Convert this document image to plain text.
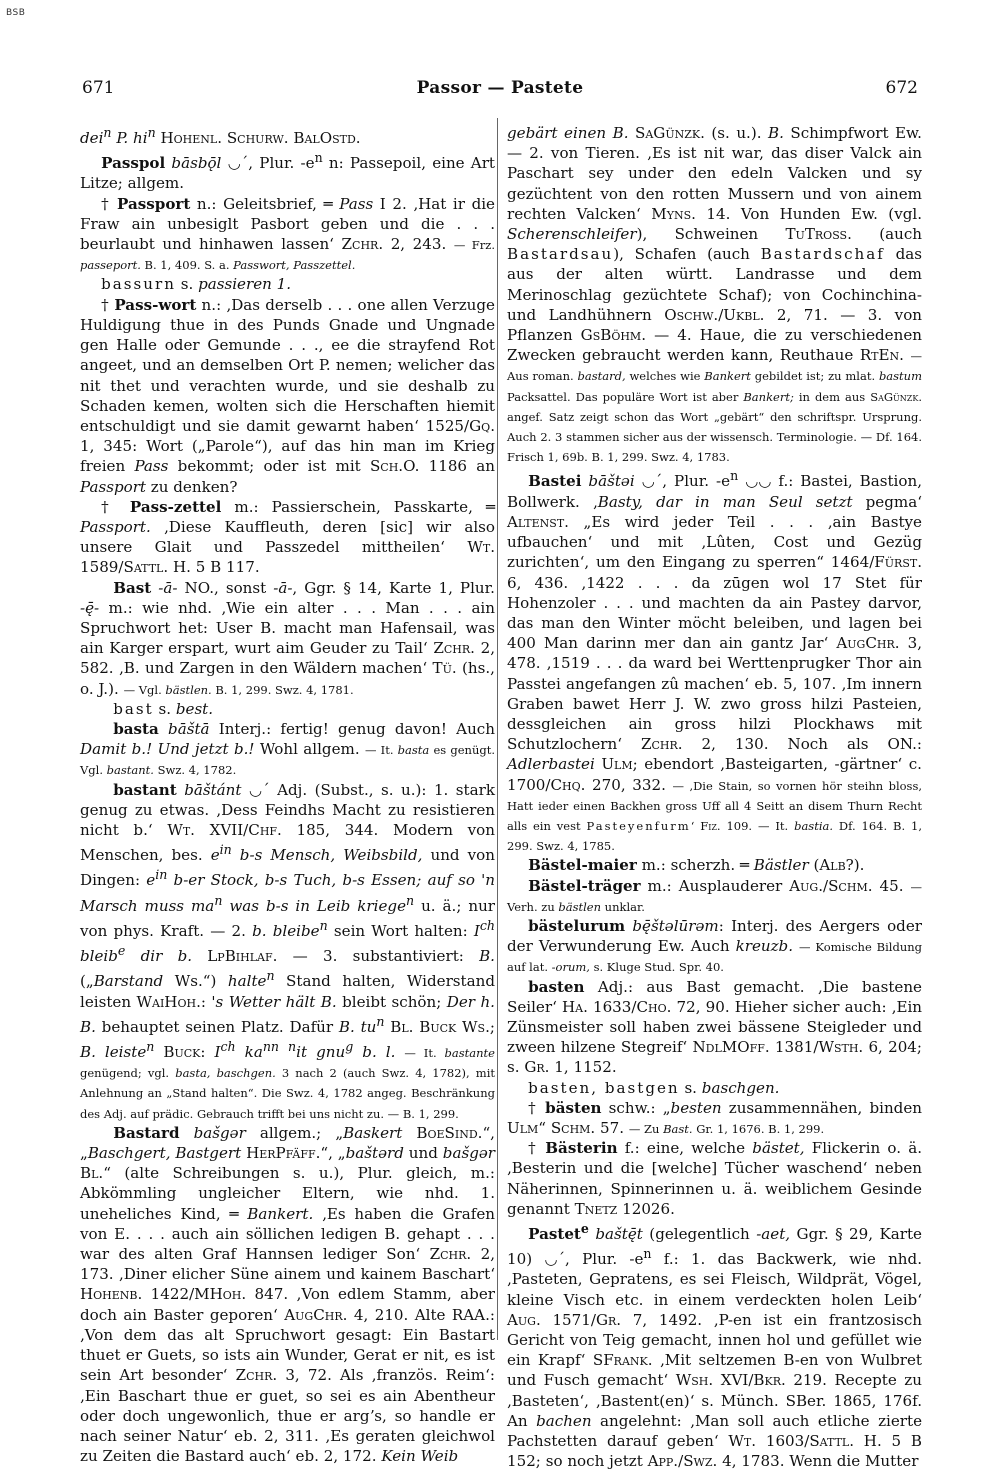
BSB
671	Passor — Pastete	672

dei$^n$ P. $hi^n$ Hohenl. Schurw. BalOstd.

Passpol bāsbǭl ◡´, Plur. $-e^n$ n: Passepoil, eine Art Litze; allgem.

† Passport n.: Geleitsbrief, ═ Pass I 2. ‚Hat ir die Fraw ain unbesiglt Pasbort geben und die . . . beurlaubt und hinhawen lassen‘ Zchr. 2, 243. — Frz. passeport. B. 1, 409. S. a. Passwort, Passzettel.

bassurn s. passieren 1.

† Pass-wort n.: ‚Das derselb . . . one allen Verzuge Huldigung thue in des Punds Gnade und Ungnade gen Halle oder Gemunde . . ., ee die strayfend Rot angeet, und an demselben Ort P. nemen; welicher das nit thet und verachten wurde, und sie deshalb zu Schaden kemen, wolten sich die Herschaften hiemit entschuldigt und sie damit gewarnt haben‘ 1525/Gq. 1, 345: Wort („Parole“), auf das hin man im Krieg freien Pass bekommt; oder ist mit Sch.O. 1186 an Passport zu denken?

† Pass-zettel m.: Passierschein, Passkarte, ═ Passport. ‚Diese Kauffleuth, deren [sic] wir also unsere Glait und Passzedel mittheilen‘ Wt. 1589/Sattl. H. 5 B 117.

Bast -ā- NO., sonst -ā-, Ggr. § 14, Karte 1, Plur. -ę̄- m.: wie nhd. ‚Wie ein alter . . . Man . . . ain Spruchwort het: User B. macht man Hafensail, was ain Karger erspart, wurt aim Geuder zu Tail‘ Zchr. 2, 582. ‚B. und Zargen in den Wäldern machen‘ Tü. (hs., o. J.). — Vgl. bästlen. B. 1, 299. Swz. 4, 1781.

bast s. best.

basta bāštā Interj.: fertig! genug davon! Auch Damit b.! Und jetzt b.! Wohl allgem. — It. basta es genügt. Vgl. bastant. Swz. 4, 1782.

bastant bāštánt ◡´ Adj. (Subst., s. u.): 1. stark genug zu etwas. ‚Dess Feindhs Macht zu resistieren nicht b.‘ Wt. XVII/Chf. 185, 344. Modern von Menschen, bes. $e^{in}$ b-s Mensch, Weibsbild, und von Dingen: $e^{in}$ b-er Stock, b-s Tuch, b-s Essen; auf so 'n Marsch muss $ma^n$ was b-s in Leib kriege$^n$ u. ä.; nur von phys. Kraft. — 2. b. bleibe$^n$ sein Wort halten: $I^{ch}$ bleib$^e$ dir b. LpBihlaf. — 3. substantiviert: B. („Barstand Ws.“) halte$^n$ Stand halten, Widerstand leisten WaiHoh.: 's Wetter hält B. bleibt schön; Der h. B. behauptet seinen Platz. Dafür B. $tu^n$ Bl. Buck Ws.; B. leiste$^n$ Buck: $I^{ch}$ $ka^{nn}$ $^n$it gnu$^g$ b. l. — It. bastante genügend; vgl. basta, baschgen. 3 nach 2 (auch Swz. 4, 1782), mit Anlehnung an „Stand halten“. Die Swz. 4, 1782 angeg. Beschränkung des Adj. auf prädic. Gebrauch trifft bei uns nicht zu. — B. 1, 299.

Bastard bašgər allgem.; „Baskert BoeSind.“, „Baschgert, Bastgert HerPfäff.“, „baštərd und bašgər Bl.“ (alte Schreibungen s. u.), Plur. gleich, m.: Abkömmling ungleicher Eltern, wie nhd. 1. uneheliches Kind, ═ Bankert. ‚Es haben die Grafen von E. . . . auch ain söllichen ledigen B. gehapt . . . war des alten Graf Hannsen lediger Son‘ Zchr. 2, 173. ‚Diner elicher Süne ainem und kainem Baschart‘ Hohenb. 1422/MHoh. 847. ‚Von edlem Stamm, aber doch ain Baster geporen‘ AugChr. 4, 210. Alte RAA.: ‚Von dem das alt Spruchwort gesagt: Ein Bastart thuet er Guets, so ists ain Wunder, Gerat er nit, es ist sein Art besonder‘ Zchr. 3, 72. Als ‚französ. Reim‘: ‚Ein Baschart thue er guet, so sei es ain Abentheur oder doch ungewonlich, thue er argʼs, so handle er nach seiner Natur‘ eb. 2, 311. ‚Es geraten gleichwol zu Zeiten die Bastard auch‘ eb. 2, 172. Kein Weib

gebärt einen B. SaGünzk. (s. u.). B. Schimpfwort Ew. — 2. von Tieren. ‚Es ist nit war, das diser Valck ain Paschart sey under den edeln Valcken und sy gezüchtent von den rotten Mussern und von ainem rechten Valcken‘ Myns. 14. Von Hunden Ew. (vgl. Scherenschleifer), Schweinen TuTross. (auch Bastardsau), Schafen (auch Bastardschaf das aus der alten württ. Landrasse und dem Merinoschlag gezüchtete Schaf); von Cochinchina- und Landhühnern Oschw./Ukbl. 2, 71. — 3. von Pflanzen GsBöhm. — 4. Haue, die zu verschiedenen Zwecken gebraucht werden kann, Reuthaue RtEn. — Aus roman. bastard, welches wie Bankert gebildet ist; zu mlat. bastum Packsattel. Das populäre Wort ist aber Bankert; in dem aus SaGünzk. angef. Satz zeigt schon das Wort „gebärt“ den schriftspr. Ursprung. Auch 2. 3 stammen sicher aus der wissensch. Terminologie. — Df. 164. Frisch 1, 69b. B. 1, 299. Swz. 4, 1783.

Bastei bāštəi ◡´, Plur. $-e^n$ ◡◡ f.: Bastei, Bastion, Bollwerk. ‚Basty, dar in man Seul setzt pegma‘ Altenst. „Es wird jeder Teil . . . ‚ain Bastye ufbauchen‘ und mit ‚Lûten, Cost und Gezüg zurichten‘, um den Eingang zu sperren“ 1464/Fürst. 6, 436. ‚1422 . . . da zūgen wol 17 Stet für Hohenzoler . . . und machten da ain Pastey darvor, das man den Winter möcht beleiben, und lagen bei 400 Man darinn mer dan ain gantz Jar‘ AugChr. 3, 478. ‚1519 . . . da ward bei Werttenprugker Thor ain Passtei angefangen zû machen‘ eb. 5, 107. ‚Im innern Graben bawet Herr J. W. zwo gross hilzi Pasteien, dessgleichen ain gross hilzi Plockhaws mit Schutzlochern‘ Zchr. 2, 130. Noch als ON.: Adlerbastei Ulm; ebendort ‚Basteigarten, -gärtner‘ c. 1700/Chq. 270, 332. — ‚Die Stain, so vornen hör steihn bloss, Hatt ieder einen Backhen gross Uff all 4 Seitt an disem Thurn Recht alls ein vest Pasteyenfurm‘ Fiz. 109. — It. bastia. Df. 164. B. 1, 299. Swz. 4, 1785.

Bästel-maier m.: scherzh. ═ Bästler (Alb?).

Bästel-träger m.: Ausplauderer Aug./Schm. 45. — Verh. zu bästlen unklar.

bästelurum bę̄štəlūrəm: Interj. des Aergers oder der Verwunderung Ew. Auch kreuzb. — Komische Bildung auf lat. -orum, s. Kluge Stud. Spr. 40.

basten Adj.: aus Bast gemacht. ‚Die bastene Seiler‘ Ha. 1633/Cho. 72, 90. Hieher sicher auch: ‚Ein Zünsmeister soll haben zwei bässene Steigleder und zween hilzene Stegreif‘ NdlMOff. 1381/Wsth. 6, 204; s. Gr. 1, 1152.

basten, bastgen s. baschgen.

† bästen schw.: „besten zusammennähen, binden Ulm“ Schm. 57. — Zu Bast. Gr. 1, 1676. B. 1, 299.

† Bästerin f.: eine, welche bästet, Flickerin o. ä. ‚Besterin und die [welche] Tücher waschend‘ neben Näherinnen, Spinnerinnen u. ä. weiblichem Gesinde genannt Tnetz 12026.

Pastet$^e$ baštę̄t (gelegentlich -aet, Ggr. § 29, Karte 10) ◡´, Plur. $-e^n$ f.: 1. das Backwerk, wie nhd. ‚Pasteten, Gepratens, es sei Fleisch, Wildprät, Vögel, kleine Visch etc. in einem verdeckten holen Leib‘ Aug. 1571/Gr. 7, 1492. ‚P-en ist ein frantzosisch Gericht von Teig gemacht, innen hol und gefüllet wie ein Krapf‘ SFrank. ‚Mit seltzemen B-en von Wulbret und Fusch gemacht‘ Wsh. XVI/Bkr. 219. Recepte zu ‚Basteten‘, ‚Bastent(en)‘ s. Münch. SBer. 1865, 176f. An bachen angelehnt: ‚Man soll auch etliche zierte Pachstetten darauf geben‘ Wt. 1603/Sattl. H. 5 B 152; so noch jetzt App./Swz. 4, 1783. Wenn die Mutter
